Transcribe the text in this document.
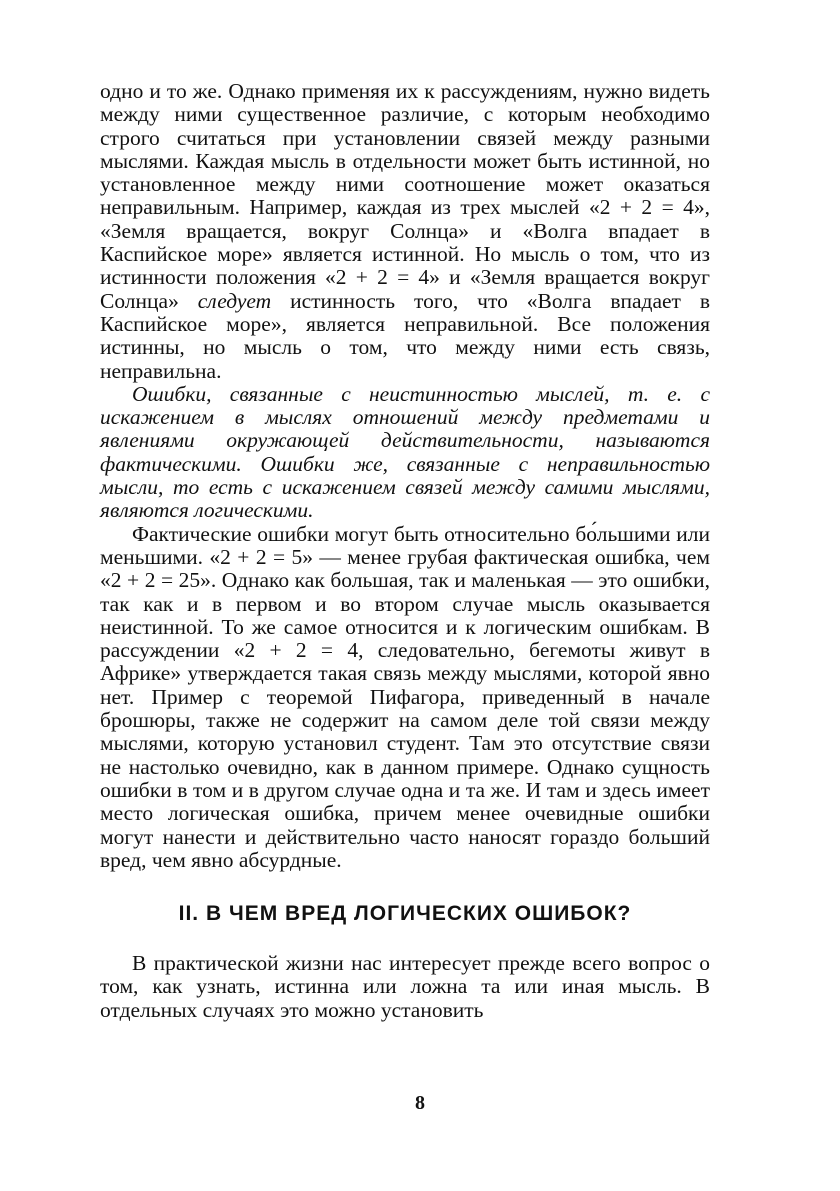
одно и то же. Однако применяя их к рассуждениям, нужно видеть между ними существенное различие, с которым необходимо строго считаться при установлении связей между разными мыслями. Каждая мысль в отдельности может быть истинной, но установленное между ними соотношение может оказаться неправильным. Например, каждая из трех мыслей «2 + 2 = 4», «Земля вращается, вокруг Солнца» и «Волга впадает в Каспийское море» является истинной. Но мысль о том, что из истинности положения «2 + 2 = 4» и «Земля вращается вокруг Солнца» следует истинность того, что «Волга впадает в Каспийское море», является неправильной. Все положения истинны, но мысль о том, что между ними есть связь, неправильна.

Ошибки, связанные с неистинностью мыслей, т. е. с искажением в мыслях отношений между предметами и явлениями окружающей действительности, называются фактическими. Ошибки же, связанные с неправильностью мысли, то есть с искажением связей между самими мыслями, являются логическими.

Фактические ошибки могут быть относительно бо́льшими или меньшими. «2 + 2 = 5» — менее грубая фактическая ошибка, чем «2 + 2 = 25». Однако как большая, так и маленькая — это ошибки, так как и в первом и во втором случае мысль оказывается неистинной. То же самое относится и к логическим ошибкам. В рассуждении «2 + 2 = 4, следовательно, бегемоты живут в Африке» утверждается такая связь между мыслями, которой явно нет. Пример с теоремой Пифагора, приведенный в начале брошюры, также не содержит на самом деле той связи между мыслями, которую установил студент. Там это отсутствие связи не настолько очевидно, как в данном примере. Однако сущность ошибки в том и в другом случае одна и та же. И там и здесь имеет место логическая ошибка, причем менее очевидные ошибки могут нанести и действительно часто наносят гораздо больший вред, чем явно абсурдные.

II. В ЧЕМ ВРЕД ЛОГИЧЕСКИХ ОШИБОК?

В практической жизни нас интересует прежде всего вопрос о том, как узнать, истинна или ложна та или иная мысль. В отдельных случаях это можно установить

8
